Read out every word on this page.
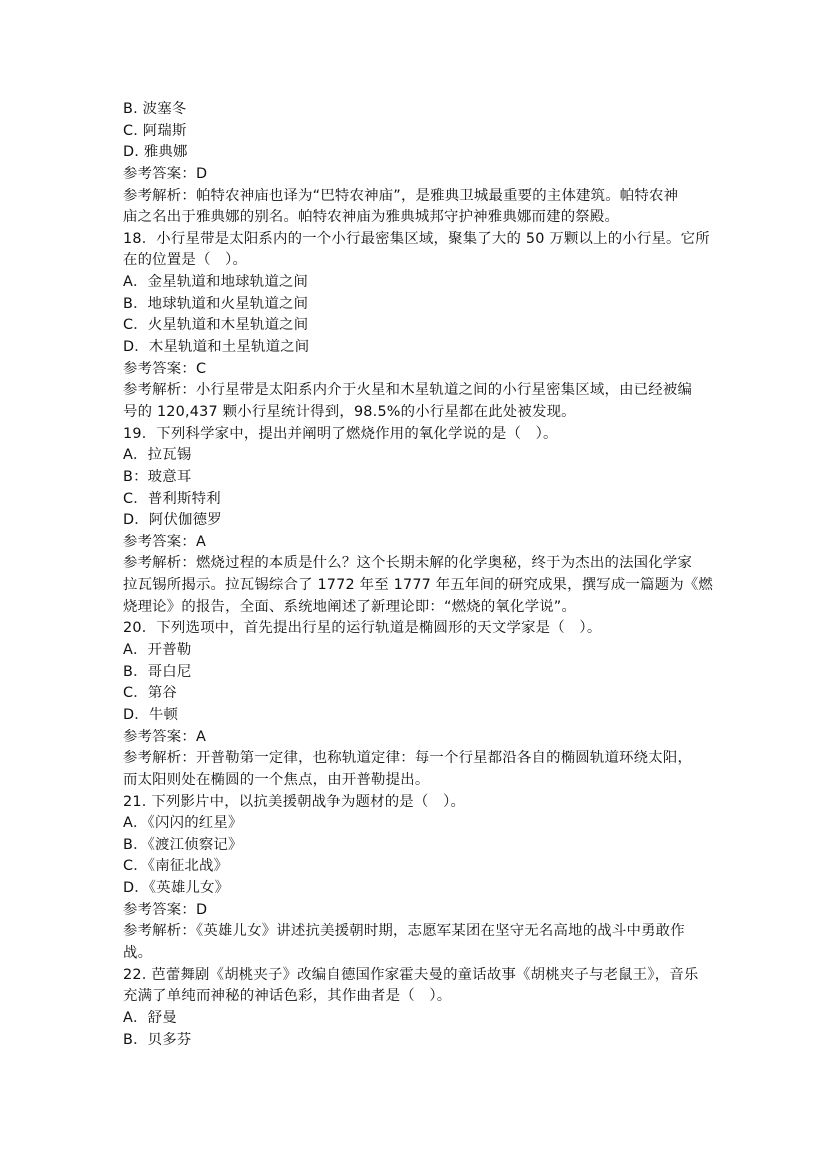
B. 波塞冬
C. 阿瑞斯
D. 雅典娜
参考答案：D
参考解析：帕特农神庙也译为“巴特农神庙”，是雅典卫城最重要的主体建筑。帕特农神
庙之名出于雅典娜的别名。帕特农神庙为雅典城邦守护神雅典娜而建的祭殿。
18．小行星带是太阳系内的一个小行最密集区域，聚集了大的 50 万颗以上的小行星。它所
在的位置是（　）。
A．金星轨道和地球轨道之间
B．地球轨道和火星轨道之间
C．火星轨道和木星轨道之间
D．木星轨道和土星轨道之间
参考答案：C
参考解析：小行星带是太阳系内介于火星和木星轨道之间的小行星密集区域，由已经被编
号的 120,437 颗小行星统计得到，98.5%的小行星都在此处被发现。
19．下列科学家中，提出并阐明了燃烧作用的氧化学说的是（　）。
A．拉瓦锡
B：玻意耳
C．普利斯特利
D．阿伏伽德罗
参考答案：A
参考解析：燃烧过程的本质是什么？这个长期未解的化学奥秘，终于为杰出的法国化学家
拉瓦锡所揭示。拉瓦锡综合了 1772 年至 1777 年五年间的研究成果，撰写成一篇题为《燃
烧理论》的报告，全面、系统地阐述了新理论即：“燃烧的氧化学说”。
20．下列选项中，首先提出行星的运行轨道是椭圆形的天文学家是（　）。
A．开普勒
B．哥白尼
C．第谷
D．牛顿
参考答案：A
参考解析：开普勒第一定律，也称轨道定律：每一个行星都沿各自的椭圆轨道环绕太阳，
而太阳则处在椭圆的一个焦点，由开普勒提出。
21. 下列影片中，以抗美援朝战争为题材的是（　）。
A．《闪闪的红星》
B．《渡江侦察记》
C．《南征北战》
D．《英雄儿女》
参考答案：D
参考解析：《英雄儿女》讲述抗美援朝时期，志愿军某团在坚守无名高地的战斗中勇敢作
战。
22. 芭蕾舞剧《胡桃夹子》改编自德国作家霍夫曼的童话故事《胡桃夹子与老鼠王》，音乐
充满了单纯而神秘的神话色彩，其作曲者是（　）。
A．舒曼
B．贝多芬
